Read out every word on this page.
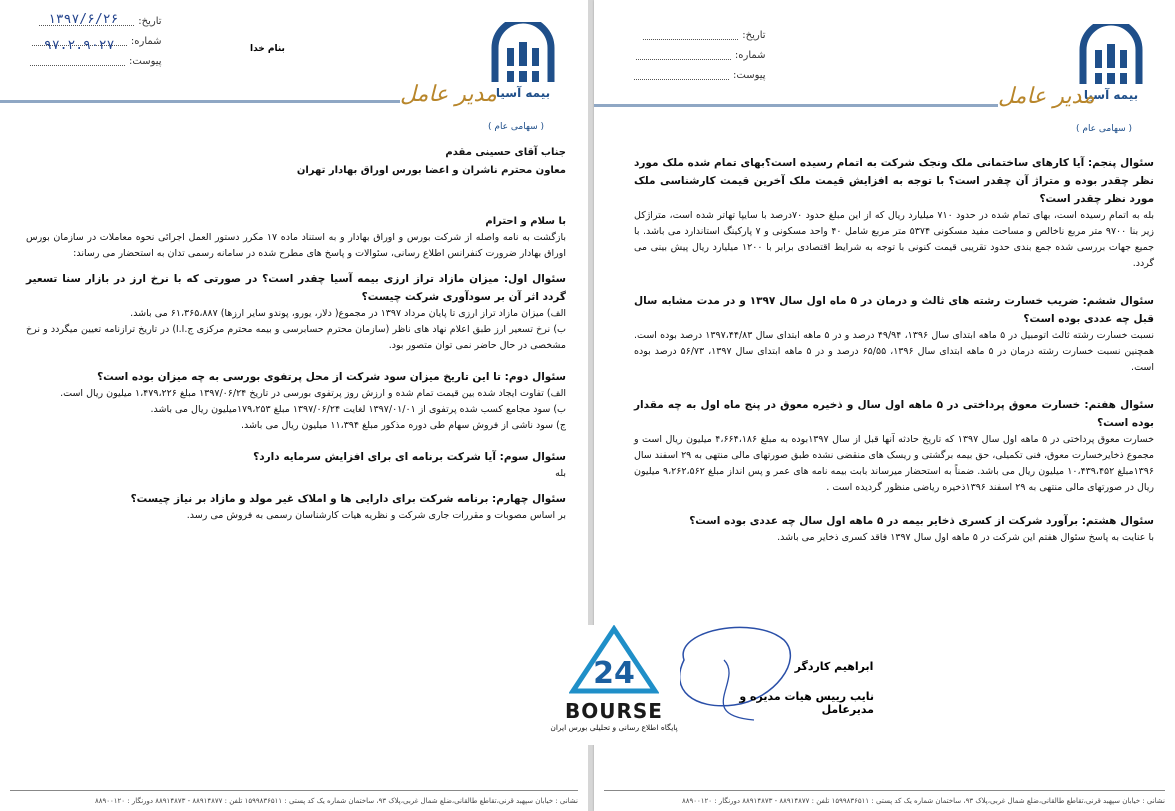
تاریخ:
شماره:
پیوست:
۱۳۹۷/۶/۲۶
۹۷.۲.۹۰۲۷	بنام خدا
بیمه آسیا
مدیر عامل
( سهامی عام )
جناب آقای حسینی مقدم
معاون محترم ناشران و اعضا بورس اوراق بهادار تهران
با سلام و احترام

بازگشت به نامه واصله از شرکت بورس و اوراق بهادار و به استناد ماده ۱۷ مکرر دستور العمل اجرائی نحوه معاملات در سازمان بورس اوراق بهادار ضرورت کنفرانس اطلاع رسانی، سئوالات و پاسخ های مطرح شده در سامانه رسمی تدان به استحضار می رساند:

سئوال اول: میزان مازاد تراز ارزی بیمه آسیا چقدر است؟ در صورتی که با نرخ ارز در بازار سنا تسعیر گردد اثر آن بر سودآوری شرکت چیست؟

الف) میزان مازاد تراز ارزی تا پایان مرداد ۱۳۹۷ در مجموع( دلار، یورو، پوندو سایر ارزها) ۶۱،۳۶۵،۸۸۷ می باشد.

ب) نرخ تسعیر ارز طبق اعلام نهاد های ناظر (سازمان محترم حسابرسی و بیمه محترم مرکزی ج.ا.ا) در تاریخ ترازنامه تعیین میگردد و نرخ مشخصی در حال حاضر نمی توان متصور بود.

سئوال دوم: تا این تاریخ میزان سود شرکت از محل پرتفوی بورسی به چه میزان بوده است؟

الف) تفاوت ایجاد شده بین قیمت تمام شده و ارزش روز پرتفوی بورسی در تاریخ ۱۳۹۷/۰۶/۲۴ مبلغ ۱،۴۷۹،۲۲۶ میلیون ریال است.

ب) سود مجامع کسب شده پرتفوی از ۱۳۹۷/۰۱/۰۱ لغایت ۱۳۹۷/۰۶/۲۴ مبلغ ۱۷۹،۲۵۳میلیون ریال می باشد.

ج) سود ناشی از فروش سهام طی دوره مذکور مبلغ ۱۱،۳۹۴ میلیون ریال می باشد.

سئوال سوم: آیا شرکت برنامه ای برای افزایش سرمایه دارد؟

بله

سئوال چهارم: برنامه شرکت برای دارایی ها و املاک غیر مولد و مازاد بر نیاز چیست؟

بر اساس مصوبات و مقررات جاری شرکت و نظریه هیات کارشناسان رسمی به فروش می رسد.

نشانی : خیابان سپهبد قرنی،تقاطع طالقانی،ضلع شمال غربی،پلاک ۹۳، ساختمان شماره یک کد پستی : ۱۵۹۹۸۳۶۵۱۱ تلفن : ۸۸۹۱۴۸۷۷ - ۸۸۹۱۴۸۷۳ دورنگار : ۸۸۹۰۰۱۲۰
تاریخ:
شماره:
پیوست:
بیمه آسیا
مدیر عامل
( سهامی عام )
سئوال پنجم: آیا کارهای ساختمانی ملک ونجک شرکت به اتمام رسیده است؟بهای تمام شده ملک مورد نظر چقدر بوده و متراژ آن چقدر است؟ با توجه به افزایش قیمت ملک آخرین قیمت کارشناسی ملک مورد نظر چقدر است؟

بله به اتمام رسیده است، بهای تمام شده در حدود ۷۱۰ میلیارد ریال که از این مبلغ حدود ۷۰درصد با سایپا تهاتر شده است، متراژکل زیر بنا ۹۷۰۰ متر مربع ناخالص و مساحت مفید مسکونی ۵۳۷۴ متر مربع شامل ۴۰ واحد مسکونی و ۷ پارکینگ استاندارد می باشد. با جمیع جهات بررسی شده جمع بندی حدود تقریبی قیمت کنونی با توجه به شرایط اقتصادی برابر با ۱۲۰۰ میلیارد ریال پیش بینی می گردد.

سئوال ششم: ضریب خسارت رشته های ثالث و درمان در ۵ ماه اول سال ۱۳۹۷ و در مدت مشابه سال قبل چه عددی بوده است؟

نسبت خسارت رشته ثالث اتومبیل در ۵ ماهه ابتدای سال ۱۳۹۶، ۴۹/۹۴ درصد و در ۵ ماهه ابتدای سال ۱۳۹۷،۴۴/۸۳ درصد بوده است. همچنین نسبت خسارت رشته درمان در ۵ ماهه ابتدای سال ۱۳۹۶، ۶۵/۵۵ درصد و در ۵ ماهه ابتدای سال ۱۳۹۷، ۵۶/۷۳ درصد بوده است.

سئوال هفتم: خسارت معوق پرداختی در ۵ ماهه اول سال و ذخیره معوق در پنج ماه اول به چه مقدار بوده است؟

خسارت معوق پرداختی در ۵ ماهه اول سال ۱۳۹۷ که تاریخ حادثه آنها قبل از سال ۱۳۹۷بوده به مبلغ ۴،۶۶۴،۱۸۶ میلیون ریال است و مجموع ذخایرخسارت معوق، فنی تکمیلی، حق بیمه برگشتی و ریسک های منقضی نشده طبق صورتهای مالی منتهی به ۲۹ اسفند سال ۱۳۹۶مبلغ ۱۰،۴۳۹،۴۵۲ میلیون ریال می باشد. ضمناً به استحضار میرساند بابت بیمه نامه های عمر و پس انداز مبلغ ۹،۲۶۲،۵۶۲ میلیون ریال در صورتهای مالی منتهی به ۲۹ اسفند ۱۳۹۶ذخیره ریاضی منظور گردیده است .

سئوال هشتم: برآورد شرکت از کسری ذخایر بیمه در ۵ ماهه اول سال چه عددی بوده است؟

با عنایت به پاسخ سئوال هفتم این شرکت در ۵ ماهه اول سال ۱۳۹۷ فاقد کسری ذخایر می باشد.

ابراهیم کاردگر
نایب رییس هیات مدیره و مدیرعامل
نشانی : خیابان سپهبد قرنی،تقاطع طالقانی،ضلع شمال غربی،پلاک ۹۳، ساختمان شماره یک کد پستی : ۱۵۹۹۸۳۶۵۱۱ تلفن : ۸۸۹۱۴۸۷۷ - ۸۸۹۱۴۸۷۳ دورنگار : ۸۸۹۰۰۱۲۰
24
BOURSE
پایگاه اطلاع رسانی و تحلیلی بورس ایران
